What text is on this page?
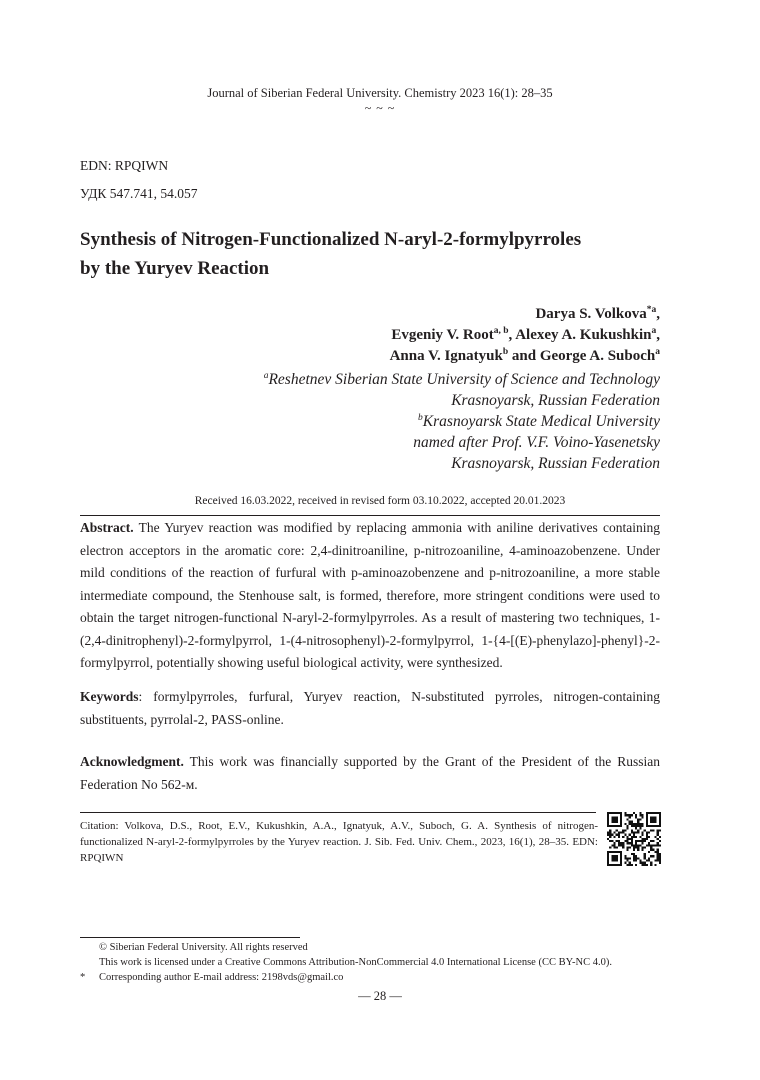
Journal of Siberian Federal University. Chemistry 2023 16(1): 28–35
~ ~ ~
EDN: RPQIWN
УДК 547.741, 54.057
Synthesis of Nitrogen-Functionalized N-aryl-2-formylpyrroles
by the Yuryev Reaction
Darya S. Volkova$^{*a}$,
Evgeniy V. Root$^{a, b}$, Alexey A. Kukushkin$^a$,
Anna V. Ignatyuk$^b$ and George A. Suboch$^a$
$^a$Reshetnev Siberian State University of Science and Technology
Krasnoyarsk, Russian Federation
$^b$Krasnoyarsk State Medical University
named after Prof. V.F. Voino-Yasenetsky
Krasnoyarsk, Russian Federation
Received 16.03.2022, received in revised form 03.10.2022, accepted 20.01.2023
Abstract. The Yuryev reaction was modified by replacing ammonia with aniline derivatives containing electron acceptors in the aromatic core: 2,4-dinitroaniline, p-nitrozoaniline, 4-aminoazobenzene. Under mild conditions of the reaction of furfural with p-aminoazobenzene and p-nitrozoaniline, a more stable intermediate compound, the Stenhouse salt, is formed, therefore, more stringent conditions were used to obtain the target nitrogen-functional N-aryl-2-formylpyrroles. As a result of mastering two techniques, 1-(2,4-dinitrophenyl)-2-formylpyrrol, 1-(4-nitrosophenyl)-2-formylpyrrol, 1-{4-[(E)-phenylazo]-phenyl}-2-formylpyrrol, potentially showing useful biological activity, were synthesized.
Keywords: formylpyrroles, furfural, Yuryev reaction, N-substituted pyrroles, nitrogen-containing substituents, pyrrolal-2, PASS-online.
Acknowledgment. This work was financially supported by the Grant of the President of the Russian Federation No 562-м.
Citation: Volkova, D.S., Root, E.V., Kukushkin, A.A., Ignatyuk, A.V., Suboch, G. A. Synthesis of nitrogen-functionalized N-aryl-2-formylpyrroles by the Yuryev reaction. J. Sib. Fed. Univ. Chem., 2023, 16(1), 28–35. EDN: RPQIWN
© Siberian Federal University. All rights reserved
This work is licensed under a Creative Commons Attribution-NonCommercial 4.0 International License (CC BY-NC 4.0).
* Corresponding author E-mail address: 2198vds@gmail.co
— 28 —
